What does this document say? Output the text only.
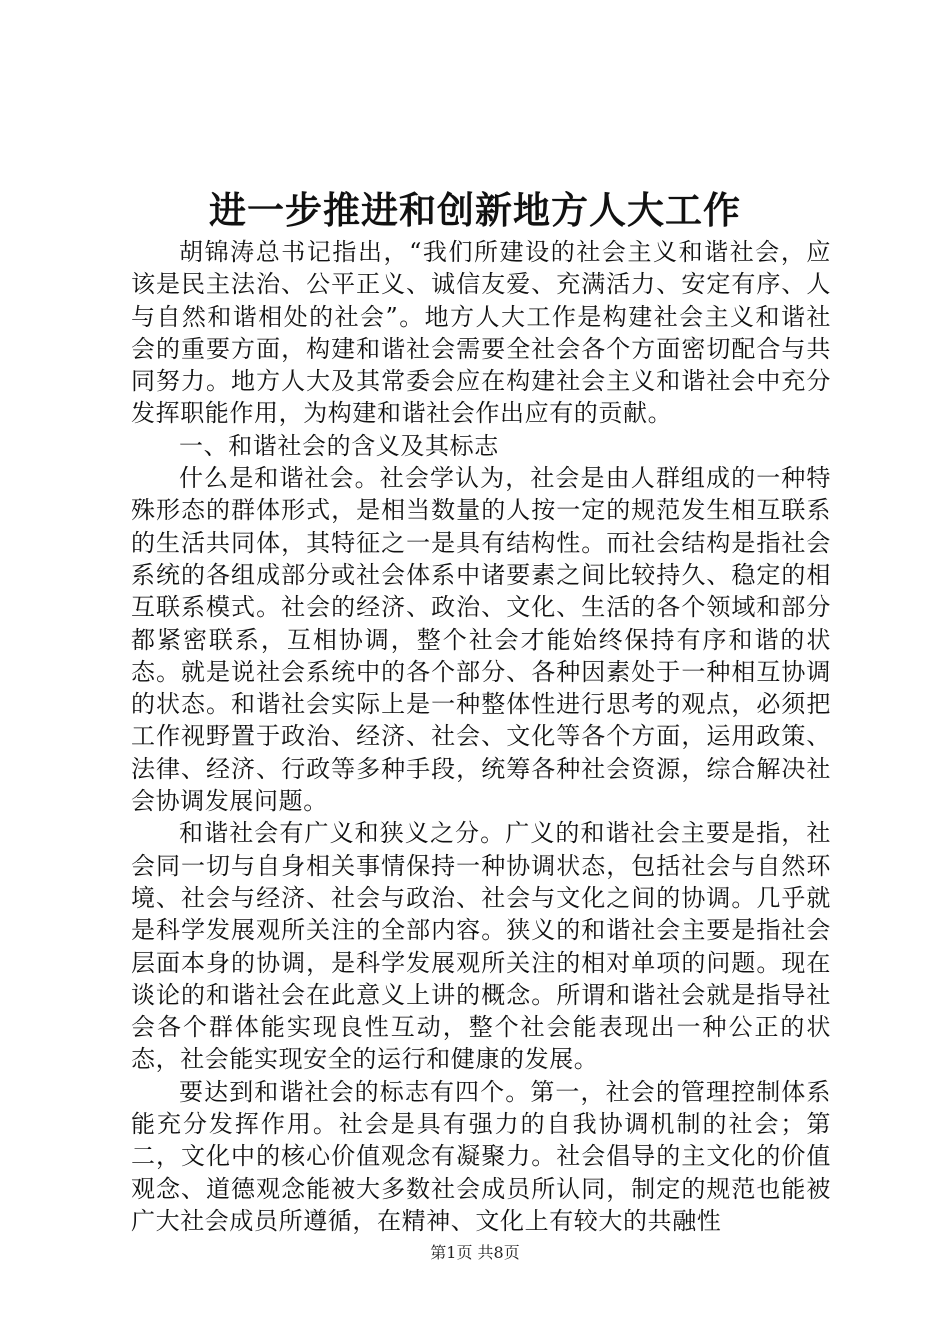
进一步推进和创新地方人大工作

胡锦涛总书记指出，“我们所建设的社会主义和谐社会，应该是民主法治、公平正义、诚信友爱、充满活力、安定有序、人与自然和谐相处的社会”。地方人大工作是构建社会主义和谐社会的重要方面，构建和谐社会需要全社会各个方面密切配合与共同努力。地方人大及其常委会应在构建社会主义和谐社会中充分发挥职能作用，为构建和谐社会作出应有的贡献。

一、和谐社会的含义及其标志

什么是和谐社会。社会学认为，社会是由人群组成的一种特殊形态的群体形式，是相当数量的人按一定的规范发生相互联系的生活共同体，其特征之一是具有结构性。而社会结构是指社会系统的各组成部分或社会体系中诸要素之间比较持久、稳定的相互联系模式。社会的经济、政治、文化、生活的各个领域和部分都紧密联系，互相协调，整个社会才能始终保持有序和谐的状态。就是说社会系统中的各个部分、各种因素处于一种相互协调的状态。和谐社会实际上是一种整体性进行思考的观点，必须把工作视野置于政治、经济、社会、文化等各个方面，运用政策、法律、经济、行政等多种手段，统筹各种社会资源，综合解决社会协调发展问题。

和谐社会有广义和狭义之分。广义的和谐社会主要是指，社会同一切与自身相关事情保持一种协调状态，包括社会与自然环境、社会与经济、社会与政治、社会与文化之间的协调。几乎就是科学发展观所关注的全部内容。狭义的和谐社会主要是指社会层面本身的协调，是科学发展观所关注的相对单项的问题。现在谈论的和谐社会在此意义上讲的概念。所谓和谐社会就是指导社会各个群体能实现良性互动，整个社会能表现出一种公正的状态，社会能实现安全的运行和健康的发展。

要达到和谐社会的标志有四个。第一，社会的管理控制体系能充分发挥作用。社会是具有强力的自我协调机制的社会；第二，文化中的核心价值观念有凝聚力。社会倡导的主文化的价值观念、道德观念能被大多数社会成员所认同，制定的规范也能被广大社会成员所遵循，在精神、文化上有较大的共融性

第1页 共8页
